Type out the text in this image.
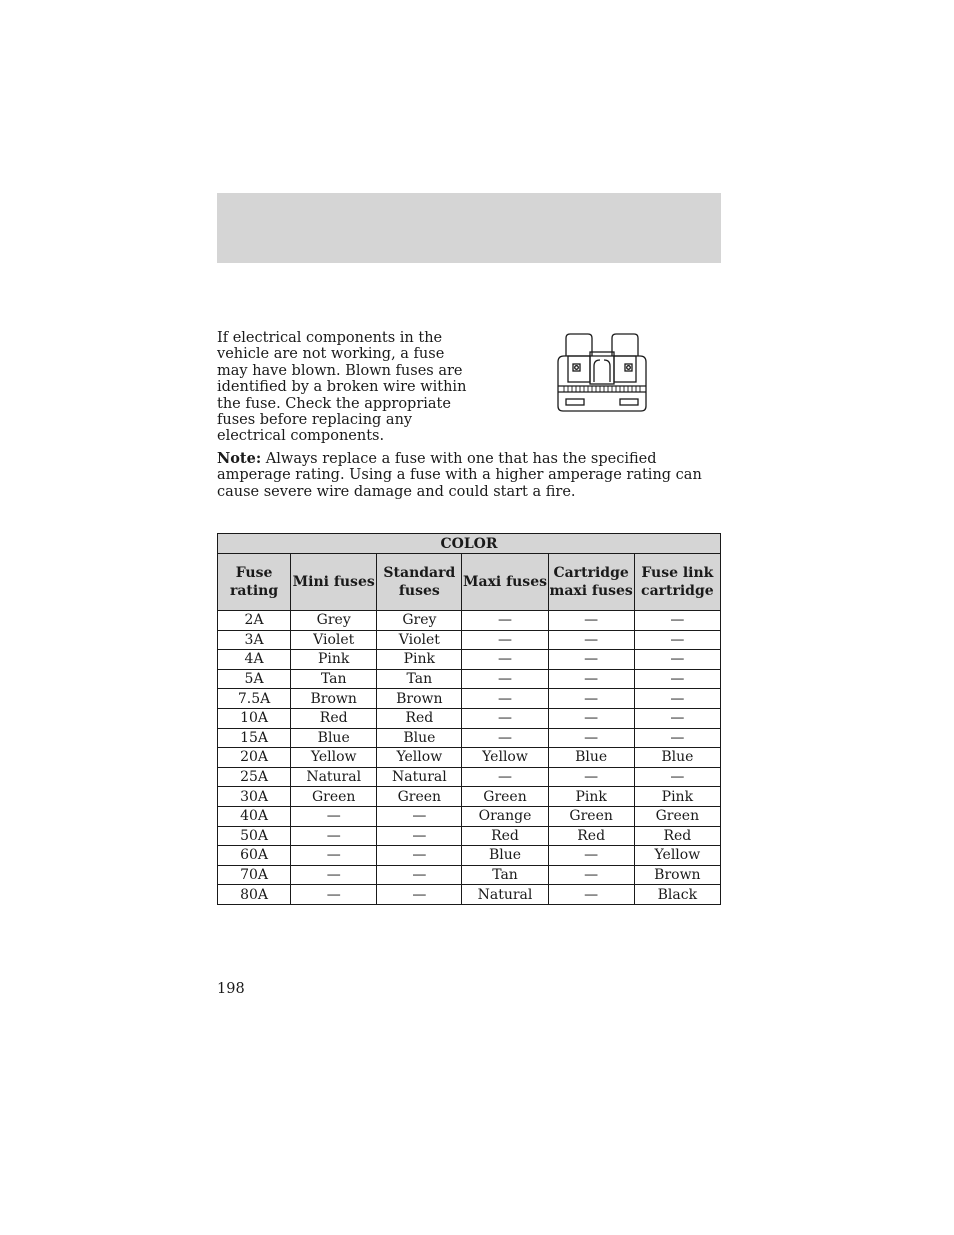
If electrical components in the vehicle are not working, a fuse may have blown. Blown fuses are identified by a broken wire within the fuse. Check the appropriate fuses before replacing any electrical components.

Note: Always replace a fuse with one that has the specified amperage rating. Using a fuse with a higher amperage rating can cause severe wire damage and could start a fire.

COLOR					
Fuse rating	Mini fuses	Standard fuses	Maxi fuses	Cartridge maxi fuses	Fuse link cartridge
2A	Grey	Grey	—	—	—
3A	Violet	Violet	—	—	—
4A	Pink	Pink	—	—	—
5A	Tan	Tan	—	—	—
7.5A	Brown	Brown	—	—	—
10A	Red	Red	—	—	—
15A	Blue	Blue	—	—	—
20A	Yellow	Yellow	Yellow	Blue	Blue
25A	Natural	Natural	—	—	—
30A	Green	Green	Green	Pink	Pink
40A	—	—	Orange	Green	Green
50A	—	—	Red	Red	Red
60A	—	—	Blue	—	Yellow
70A	—	—	Tan	—	Brown
80A	—	—	Natural	—	Black
198
